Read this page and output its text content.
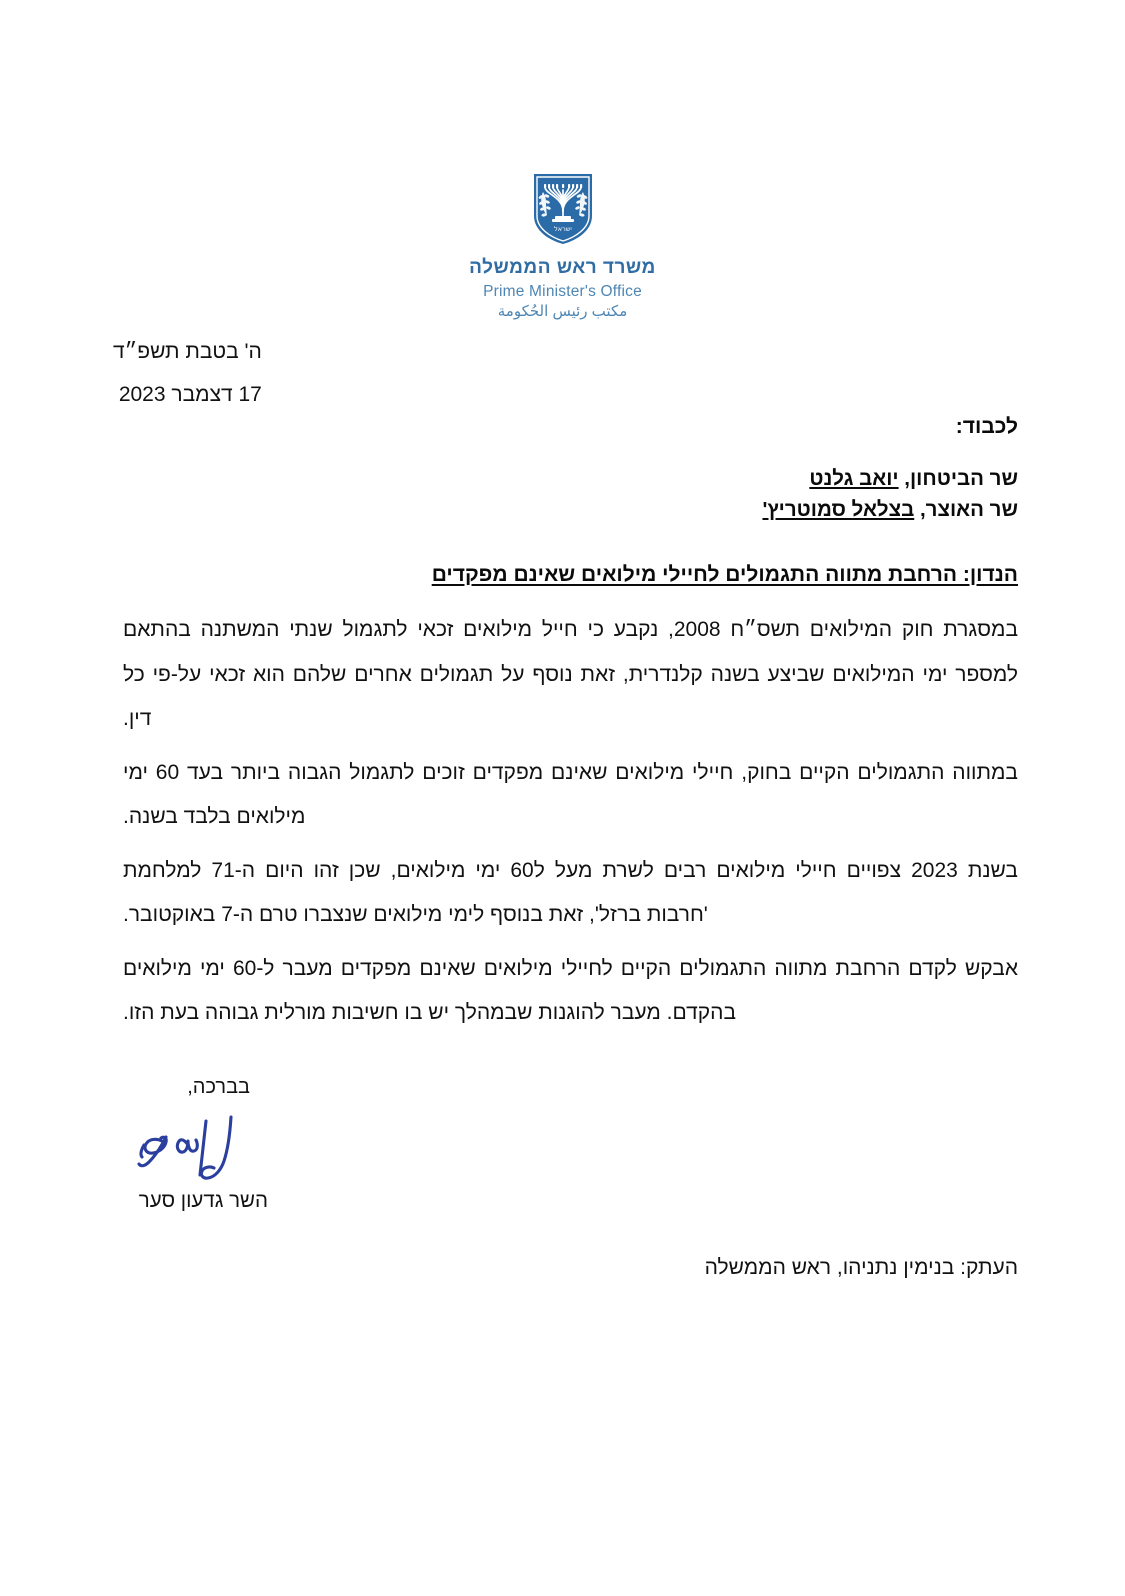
ישראל
משרד ראש הממשלה
Prime Minister's Office
مكتب رئيس الحُكومة
ה' בטבת תשפ״ד
17 דצמבר 2023
לכבוד:
שר הביטחון, יואב גלנט
שר האוצר, בצלאל סמוטריץ'
הנדון: הרחבת מתווה התגמולים לחיילי מילואים שאינם מפקדים

במסגרת חוק המילואים תשס״ח 2008, נקבע כי חייל מילואים זכאי לתגמול שנתי המשתנה בהתאם למספר ימי המילואים שביצע בשנה קלנדרית, זאת נוסף על תגמולים אחרים שלהם הוא זכאי על-פי כל דין.

במתווה התגמולים הקיים בחוק, חיילי מילואים שאינם מפקדים זוכים לתגמול הגבוה ביותר בעד 60 ימי מילואים בלבד בשנה.

בשנת 2023 צפויים חיילי מילואים רבים לשרת מעל ל60 ימי מילואים, שכן זהו היום ה-71 למלחמת 'חרבות ברזל', זאת בנוסף לימי מילואים שנצברו טרם ה-7 באוקטובר.

אבקש לקדם הרחבת מתווה התגמולים הקיים לחיילי מילואים שאינם מפקדים מעבר ל-60 ימי מילואים בהקדם. מעבר להוגנות שבמהלך יש בו חשיבות מורלית גבוהה בעת הזו.

בברכה,
השר גדעון סער
העתק: בנימין נתניהו, ראש הממשלה
